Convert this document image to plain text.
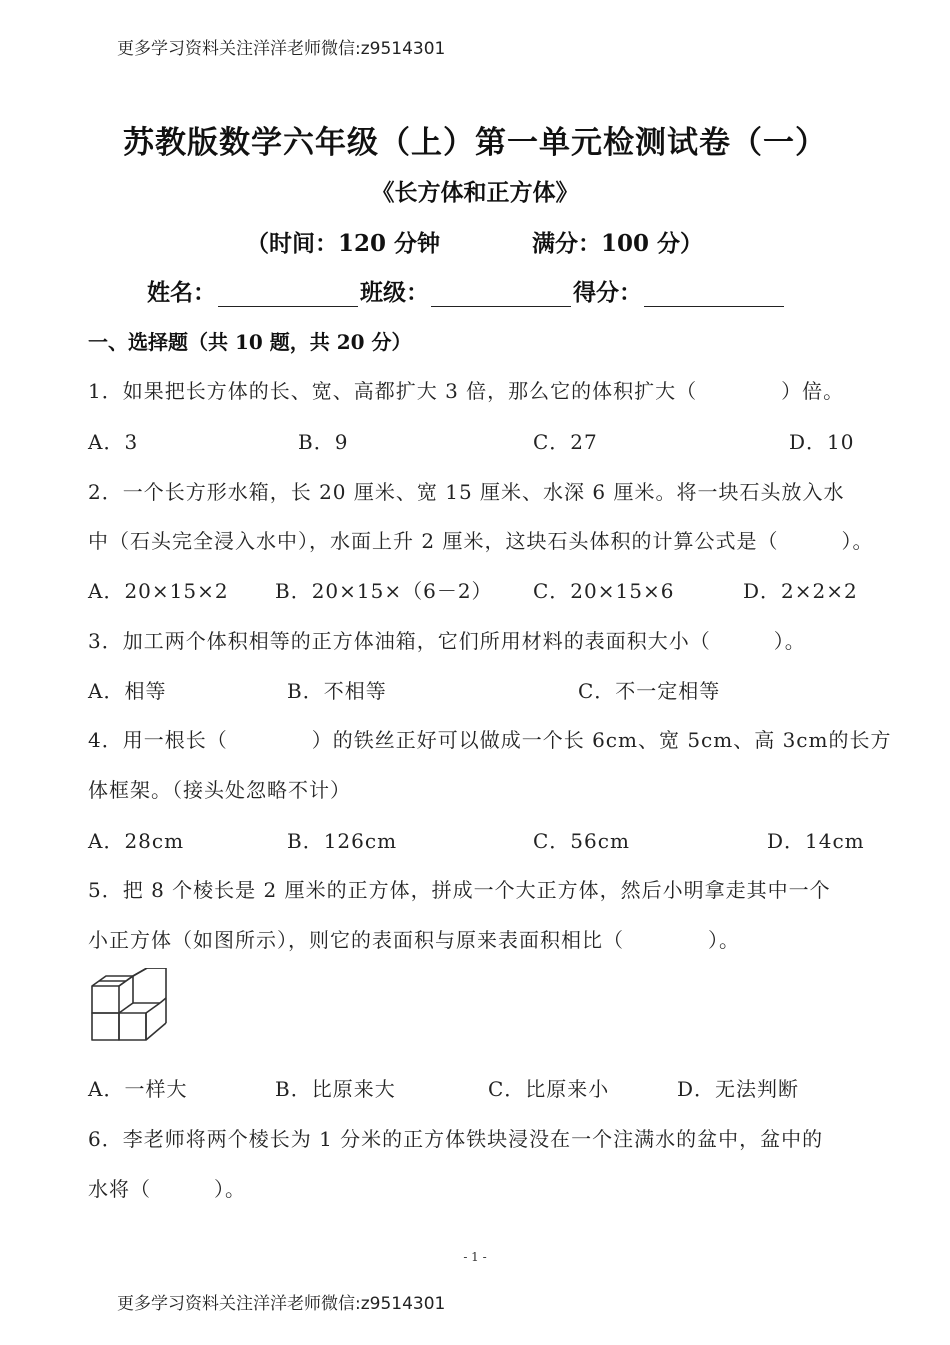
更多学习资料关注洋洋老师微信:z9514301
苏教版数学六年级（上）第一单元检测试卷（一）
《长方体和正方体》
（时间：120 分钟	满分：100 分）
姓名：	班级：	得分：
一、选择题（共 10 题，共 20 分）
1．如果把长方体的长、宽、高都扩大 3 倍，那么它的体积扩大（　　　　）倍。
A．3	B．9	C．27	D．10
2．一个长方形水箱，长 20 厘米、宽 15 厘米、水深 6 厘米。将一块石头放入水
中（石头完全浸入水中），水面上升 2 厘米，这块石头体积的计算公式是（　　　）。
A．20×15×2 B．20×15×（6－2） C．20×15×6	D．2×2×2
3．加工两个体积相等的正方体油箱，它们所用材料的表面积大小（　　　）。
A．相等	B．不相等	C．不一定相等
4．用一根长（　　　　）的铁丝正好可以做成一个长 6cm、宽 5cm、高 3cm的长方
体框架。（接头处忽略不计）
A．28cm	B．126cm	C．56cm	D．14cm
5．把 8 个棱长是 2 厘米的正方体，拼成一个大正方体，然后小明拿走其中一个
小正方体（如图所示），则它的表面积与原来表面积相比（　　　　）。
A．一样大	B．比原来大	C．比原来小	D．无法判断
6．李老师将两个棱长为 1 分米的正方体铁块浸没在一个注满水的盆中，盆中的
水将（　　　）。
- 1 -
更多学习资料关注洋洋老师微信:z9514301
